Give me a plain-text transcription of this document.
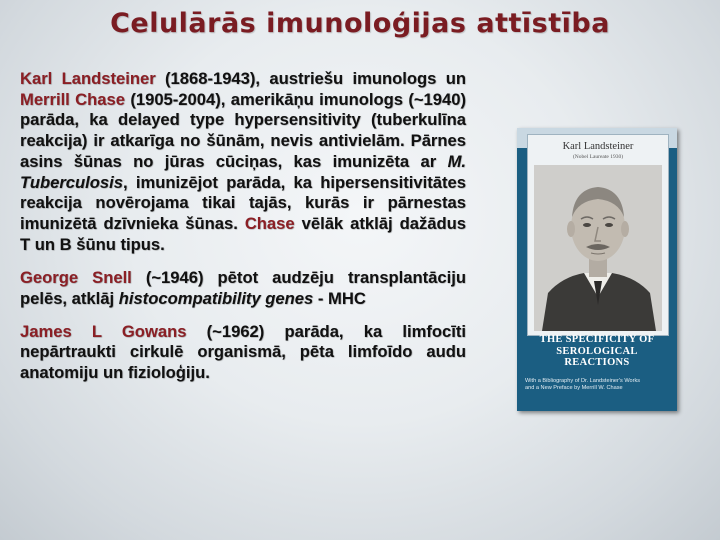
Celulārās imunoloģijas attīstība

Karl Landsteiner (1868-1943), austriešu imunologs un Merrill Chase (1905-2004), amerikāņu imunologs (~1940) parāda, ka delayed type hypersensitivity (tuberkulīna reakcija) ir atkarīga no šūnām, nevis antivielām. Pārnes asins šūnas no jūras cūciņas, kas imunizēta ar M. Tuberculosis, imunizējot parāda, ka hipersensitivitātes reakcija novērojama tikai tajās, kurās ir pārnestas imunizētā dzīvnieka šūnas. Chase vēlāk atklāj dažādus T un B šūnu tipus.

George Snell (~1946) pētot audzēju transplantāciju pelēs, atklāj histocompatibility genes - MHC

James L Gowans (~1962) parāda, ka limfocīti nepārtraukti cirkulē organismā, pēta limfoīdo audu anatomiju un fizioloģiju.

Karl Landsteiner
(Nobel Laureate 1930)
THE SPECIFICITY OF
SEROLOGICAL
REACTIONS
With a Bibliography of Dr. Landsteiner's Works
and a New Preface by Merrill W. Chase
